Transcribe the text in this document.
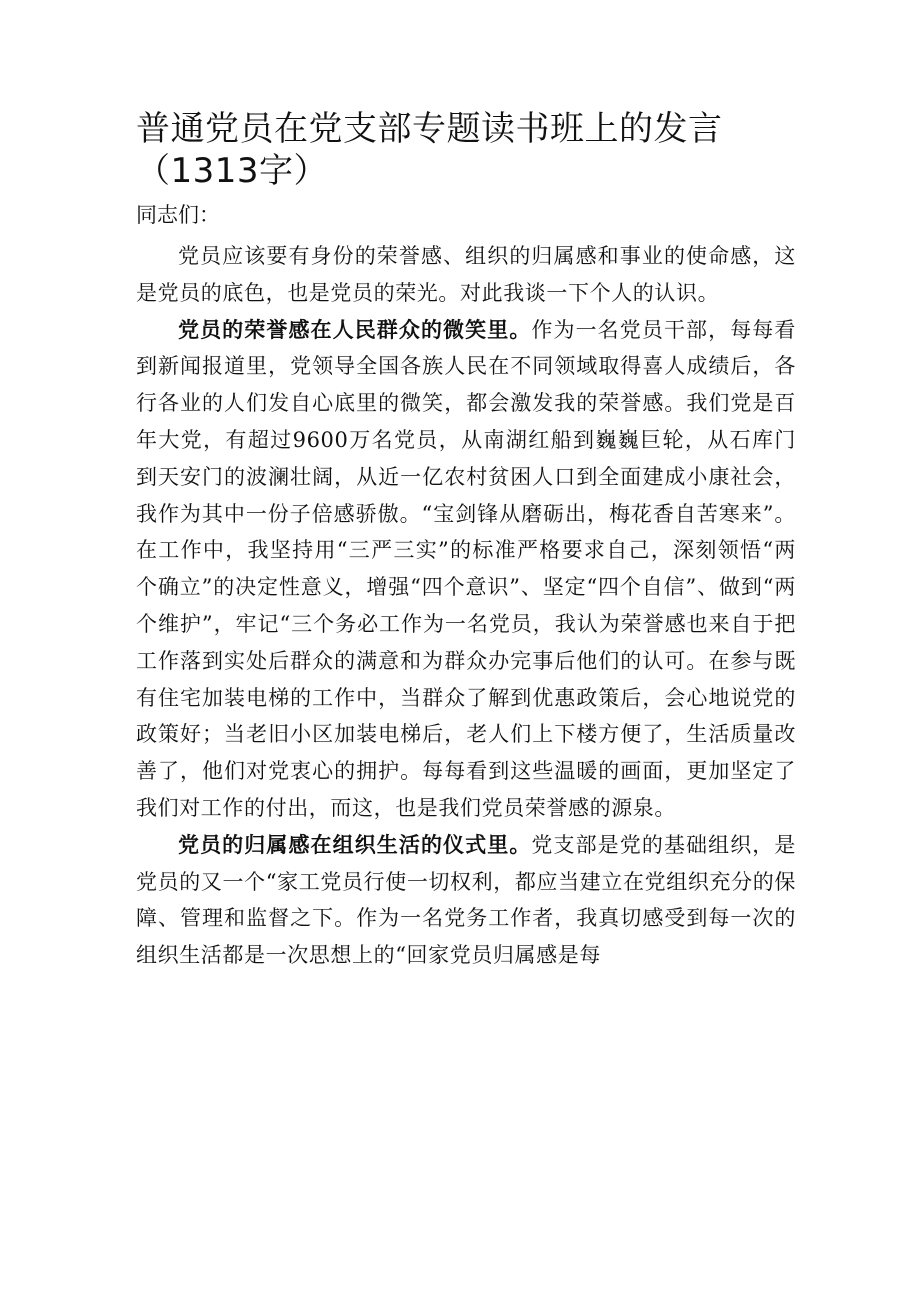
普通党员在党支部专题读书班上的发言（1313字）
同志们：

党员应该要有身份的荣誉感、组织的归属感和事业的使命感，这是党员的底色，也是党员的荣光。对此我谈一下个人的认识。

党员的荣誉感在人民群众的微笑里。作为一名党员干部，每每看到新闻报道里，党领导全国各族人民在不同领域取得喜人成绩后，各行各业的人们发自心底里的微笑，都会激发我的荣誉感。我们党是百年大党，有超过9600万名党员，从南湖红船到巍巍巨轮，从石库门到天安门的波澜壮阔，从近一亿农村贫困人口到全面建成小康社会，我作为其中一份子倍感骄傲。“宝剑锋从磨砺出，梅花香自苦寒来”。在工作中，我坚持用“三严三实”的标准严格要求自己，深刻领悟“两个确立”的决定性意义，增强“四个意识”、坚定“四个自信”、做到“两个维护”，牢记“三个务必工作为一名党员，我认为荣誉感也来自于把工作落到实处后群众的满意和为群众办完事后他们的认可。在参与既有住宅加装电梯的工作中，当群众了解到优惠政策后，会心地说党的政策好；当老旧小区加装电梯后，老人们上下楼方便了，生活质量改善了，他们对党衷心的拥护。每每看到这些温暖的画面，更加坚定了我们对工作的付出，而这，也是我们党员荣誉感的源泉。

党员的归属感在组织生活的仪式里。党支部是党的基础组织，是党员的又一个“家工党员行使一切权利，都应当建立在党组织充分的保障、管理和监督之下。作为一名党务工作者，我真切感受到每一次的组织生活都是一次思想上的“回家党员归属感是每
